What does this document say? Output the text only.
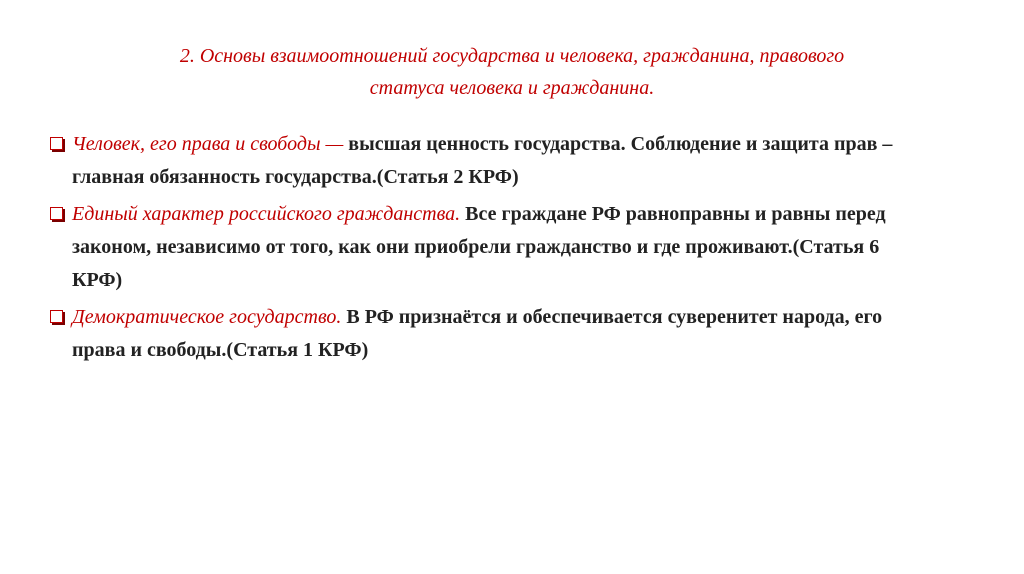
2. Основы взаимоотношений государства и человека, гражданина, правового
статуса человека и гражданина.
Человек, его права и свободы — высшая ценность государства. Соблюдение и защита прав – главная обязанность государства.(Статья 2 КРФ)
Единый характер российского гражданства. Все граждане РФ равноправны и равны перед законом, независимо от того, как они приобрели гражданство и где проживают.(Статья 6 КРФ)
Демократическое государство. В РФ признаётся и обеспечивается суверенитет народа, его права и свободы.(Статья 1 КРФ)
